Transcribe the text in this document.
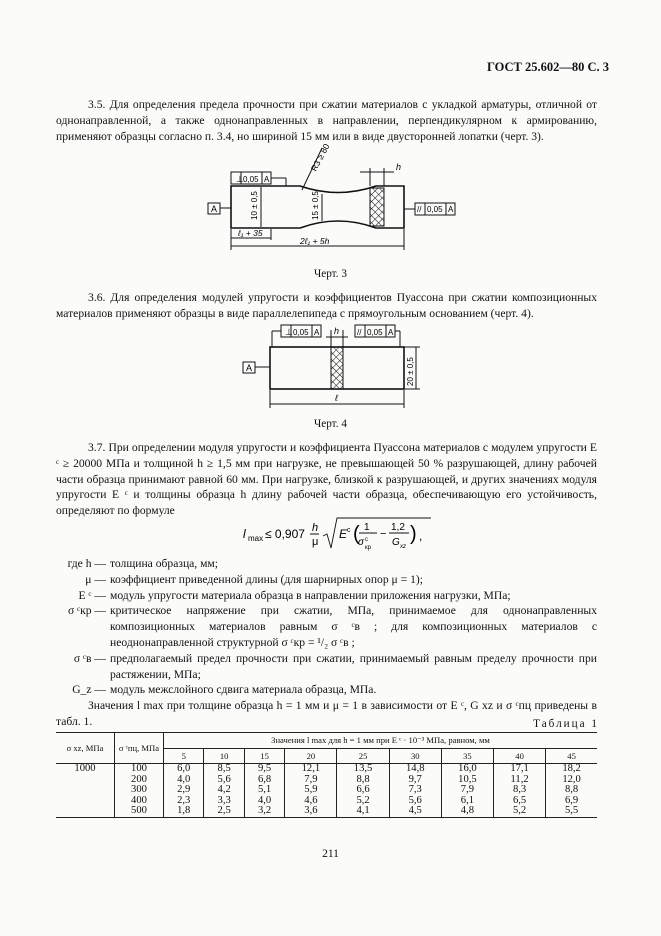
ГОСТ 25.602—80 С. 3
3.5. Для определения предела прочности при сжатии материалов с укладкой арматуры, отличной от однонаправленной, а также однонаправленных в направлении, перпендикулярном к армированию, применяют образцы согласно п. 3.4, но шириной 15 мм или в виде двусторонней лопатки (черт. 3).
⊥ 0,05 A
R3 ≥ 80	h
10 ± 0,5	15 ± 0,5
A	// 0,05 A
ℓ₁ + 35
2ℓ₁ + 5h
Черт. 3
3.6. Для определения модулей упругости и коэффициентов Пуассона при сжатии композиционных материалов применяют образцы в виде параллелепипеда с прямоугольным основанием (черт. 4).
⊥ 0,05 A h // 0,05 A
A	20 ± 0,5
ℓ
Черт. 4
3.7. При определении модуля упругости и коэффициента Пуассона материалов с модулем упругости E ᶜ ≥ 20000 МПа и толщиной h ≥ 1,5 мм при нагрузке, не превышающей 50 % разрушающей, длину рабочей части образца принимают равной 60 мм. При нагрузке, близкой к разрушающей, и других значениях модуля упругости E ᶜ и толщины образца h длину рабочей части образца, обеспечивающую его устойчивость, определяют по формуле
l max ≤ 0,907 h
μ
E c ( 1
σ c
кр
−
1,2
G xz
) ,
где h — толщина образца, мм;
μ — коэффициент приведенной длины (для шарнирных опор μ = 1);
E ᶜ — модуль упругости материала образца в направлении приложения нагрузки, МПа;
σ ᶜкр — критическое напряжение при сжатии, МПа, принимаемое для однонаправленных композиционных материалов равным σ ᶜв ; для композиционных материалов с неоднонаправленной структурной σ ᶜкр = ¹/₂ σ ᶜв ;
σ ᶜв — предполагаемый предел прочности при сжатии, принимаемый равным пределу прочности при растяжении, МПа;
G_z — модуль межслойного сдвига материала образца, МПа.
Значения l max при толщине образца h = 1 мм и μ = 1 в зависимости от E ᶜ, G xz и σ ᶜпц приведены в табл. 1.	Таблица 1
σ xz, МПа	σ ᶜпц, МПа	Значения l max для h = 1 мм при E ᶜ · 10⁻³ МПа, равном, мм								
		5	10	15	20	25	30	35	40	45
1000	100	6,0	8,5	9,5	12,1	13,5	14,8	16,0	17,1	18,2
	200	4,0	5,6	6,8	7,9	8,8	9,7	10,5	11,2	12,0
	300	2,9	4,2	5,1	5,9	6,6	7,3	7,9	8,3	8,8
	400	2,3	3,3	4,0	4,6	5,2	5,6	6,1	6,5	6,9
	500	1,8	2,5	3,2	3,6	4,1	4,5	4,8	5,2	5,5
211
